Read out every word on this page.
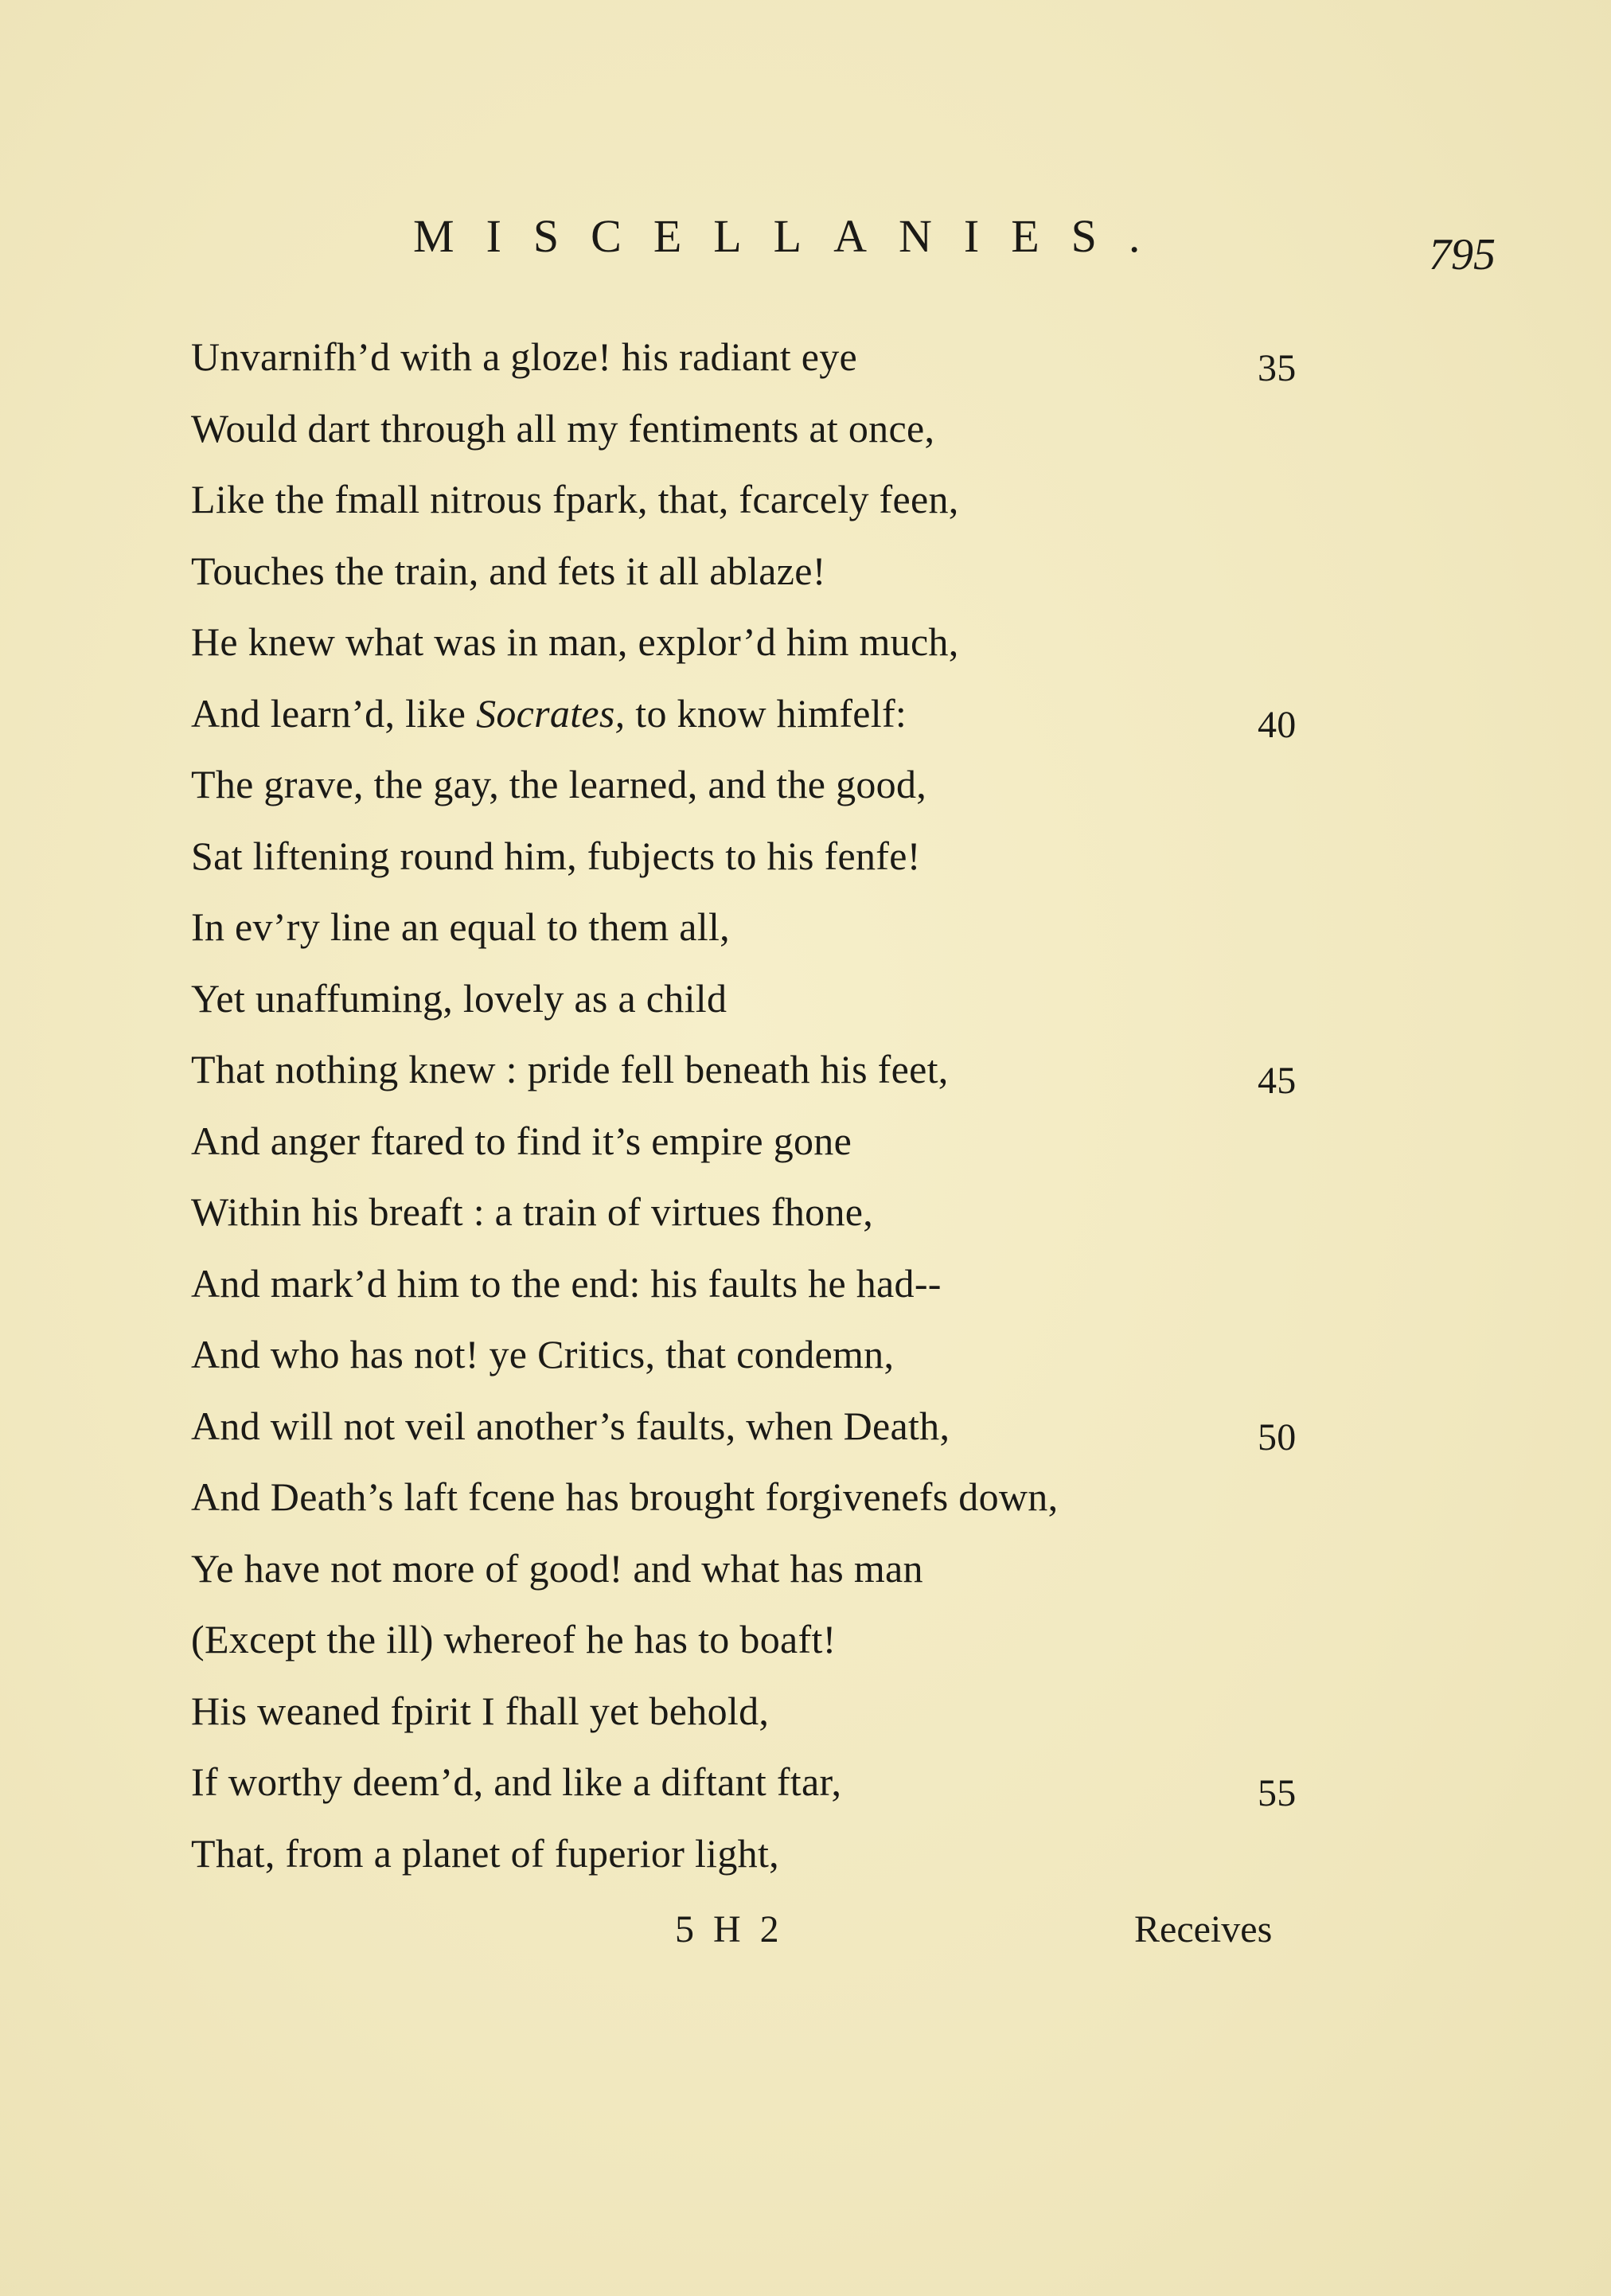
MISCELLANIES.	795
Unvarnifh’d with a gloze! his radiant eye	35
Would dart through all my fentiments at once,
Like the fmall nitrous fpark, that, fcarcely feen,
Touches the train, and fets it all ablaze!
He knew what was in man, explor’d him much,
And learn’d, like Socrates, to know himfelf:	40
The grave, the gay, the learned, and the good,
Sat liftening round him, fubjects to his fenfe!
In ev’ry line an equal to them all,
Yet unaffuming, lovely as a child
That nothing knew : pride fell beneath his feet,	45
And anger ftared to find it’s empire gone
Within his breaft : a train of virtues fhone,
And mark’d him to the end: his faults he had--
And who has not! ye Critics, that condemn,
And will not veil another’s faults, when Death,	50
And Death’s laft fcene has brought forgivenefs down,
Ye have not more of good! and what has man
(Except the ill) whereof he has to boaft!
His weaned fpirit I fhall yet behold,
If worthy deem’d, and like a diftant ftar,	55
That, from a planet of fuperior light,
5 H 2	Receives
